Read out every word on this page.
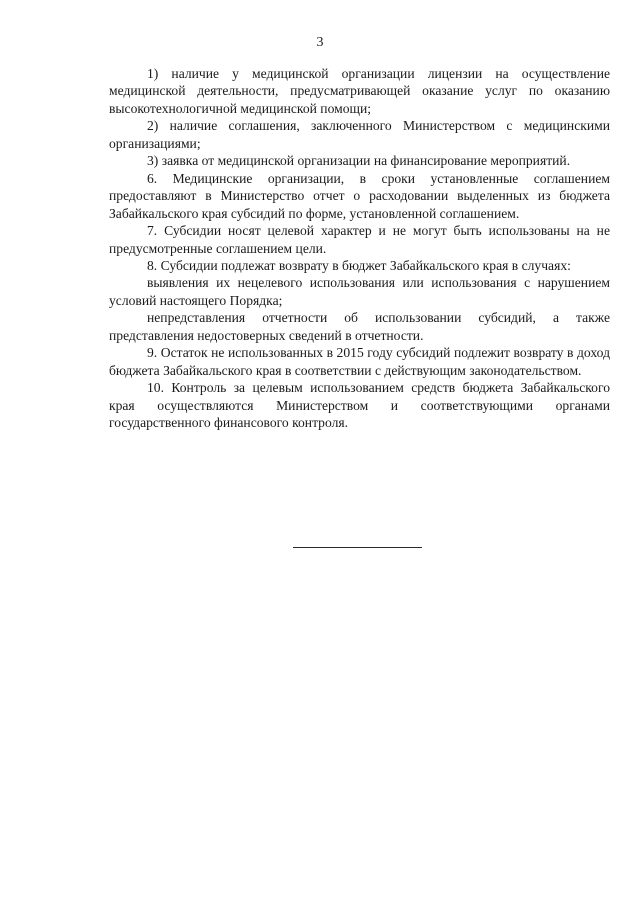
3

1) наличие у медицинской организации лицензии на осуществление медицинской деятельности, предусматривающей оказание услуг по оказанию высокотехнологичной медицинской помощи;

2) наличие соглашения, заключенного Министерством с медицинскими организациями;

3) заявка от медицинской организации на финансирование мероприятий.

6. Медицинские организации, в сроки установленные соглашением предоставляют в Министерство отчет о расходовании выделенных из бюджета Забайкальского края субсидий по форме, установленной соглашением.

7. Субсидии носят целевой характер и не могут быть использованы на не предусмотренные соглашением цели.

8. Субсидии подлежат возврату в бюджет Забайкальского края в случаях:

выявления их нецелевого использования или использования с нарушением условий настоящего Порядка;

непредставления отчетности об использовании субсидий, а также представления недостоверных сведений в отчетности.

9. Остаток не использованных в 2015 году субсидий подлежит возврату в доход бюджета Забайкальского края в соответствии с действующим законодательством.

10. Контроль за целевым использованием средств бюджета Забайкальского края осуществляются Министерством и соответствующими органами государственного финансового контроля.
